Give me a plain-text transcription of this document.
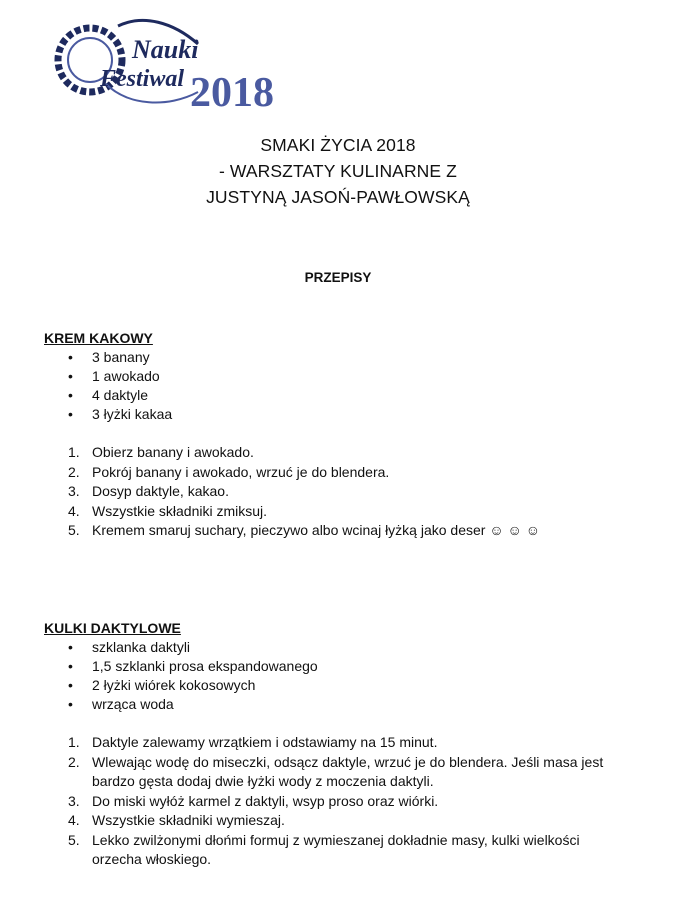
Nauki
Festiwal 2018
SMAKI ŻYCIA 2018
- WARSZTATY KULINARNE Z
JUSTYNĄ JASOŃ-PAWŁOWSKĄ
PRZEPISY
KREM KAKOWY
• 3 banany
• 1 awokado
• 4 daktyle
• 3 łyżki kakaa
1. Obierz banany i awokado.
2. Pokrój banany i awokado, wrzuć je do blendera.
3. Dosyp daktyle, kakao.
4. Wszystkie składniki zmiksuj.
5. Kremem smaruj suchary, pieczywo albo wcinaj łyżką jako deser ☺ ☺ ☺
KULKI DAKTYLOWE
• szklanka daktyli
• 1,5 szklanki prosa ekspandowanego
• 2 łyżki wiórek kokosowych
• wrząca woda
1. Daktyle zalewamy wrzątkiem i odstawiamy na 15 minut.
2. Wlewając wodę do miseczki, odsącz daktyle, wrzuć je do blendera. Jeśli masa jest bardzo gęsta dodaj dwie łyżki wody z moczenia daktyli.
3. Do miski wyłóż karmel z daktyli, wsyp proso oraz wiórki.
4. Wszystkie składniki wymieszaj.
5. Lekko zwilżonymi dłońmi formuj z wymieszanej dokładnie masy, kulki wielkości orzecha włoskiego.
